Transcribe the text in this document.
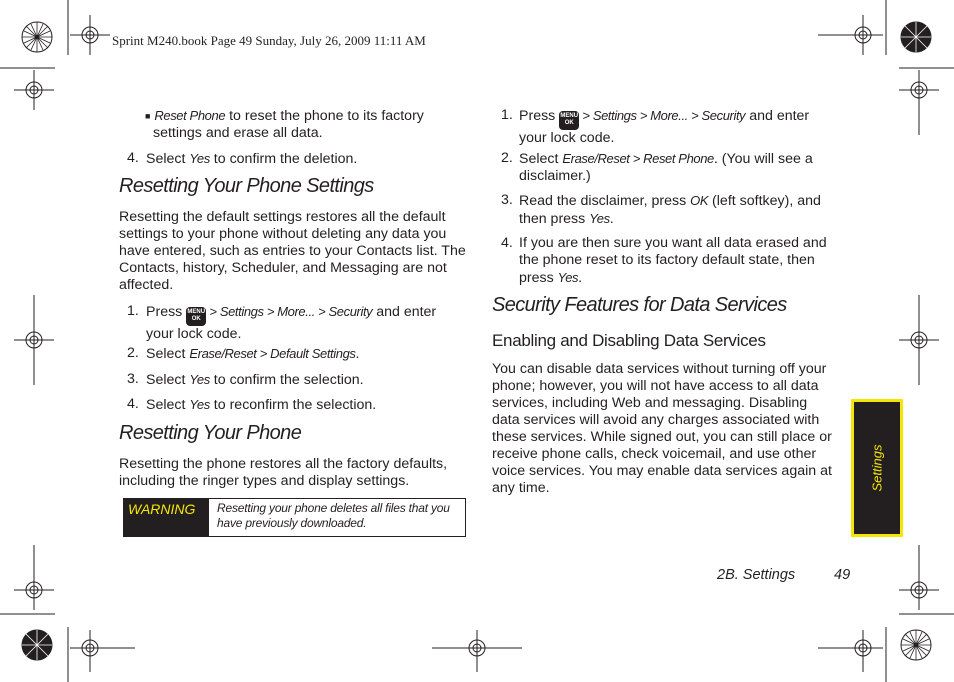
Sprint M240.book Page 49 Sunday, July 26, 2009 11:11 AM
■ Reset Phone to reset the phone to its factory
settings and erase all data.
4. Select Yes to confirm the deletion.
Resetting Your Phone Settings
Resetting the default settings restores all the default
settings to your phone without deleting any data you
have entered, such as entries to your Contacts list. The
Contacts, history, Scheduler, and Messaging are not
affected.
1. Press MENU
OK > Settings > More... > Security and enter
your lock code.
2. Select Erase/Reset > Default Settings.
3. Select Yes to confirm the selection.
4. Select Yes to reconfirm the selection.
Resetting Your Phone
Resetting the phone restores all the factory defaults,
including the ringer types and display settings.
WARNING	Resetting your phone deletes all files that you have previously downloaded.
1. Press MENU
OK > Settings > More... > Security and enter
your lock code.
2. Select Erase/Reset > Reset Phone. (You will see a
disclaimer.)
3. Read the disclaimer, press OK (left softkey), and
then press Yes.
4. If you are then sure you want all data erased and
the phone reset to its factory default state, then
press Yes.
Security Features for Data Services
Enabling and Disabling Data Services
You can disable data services without turning off your
phone; however, you will not have access to all data
services, including Web and messaging. Disabling
data services will avoid any charges associated with
these services. While signed out, you can still place or
receive phone calls, check voicemail, and use other
voice services. You may enable data services again at
any time.	Settings
2B. Settings	49
